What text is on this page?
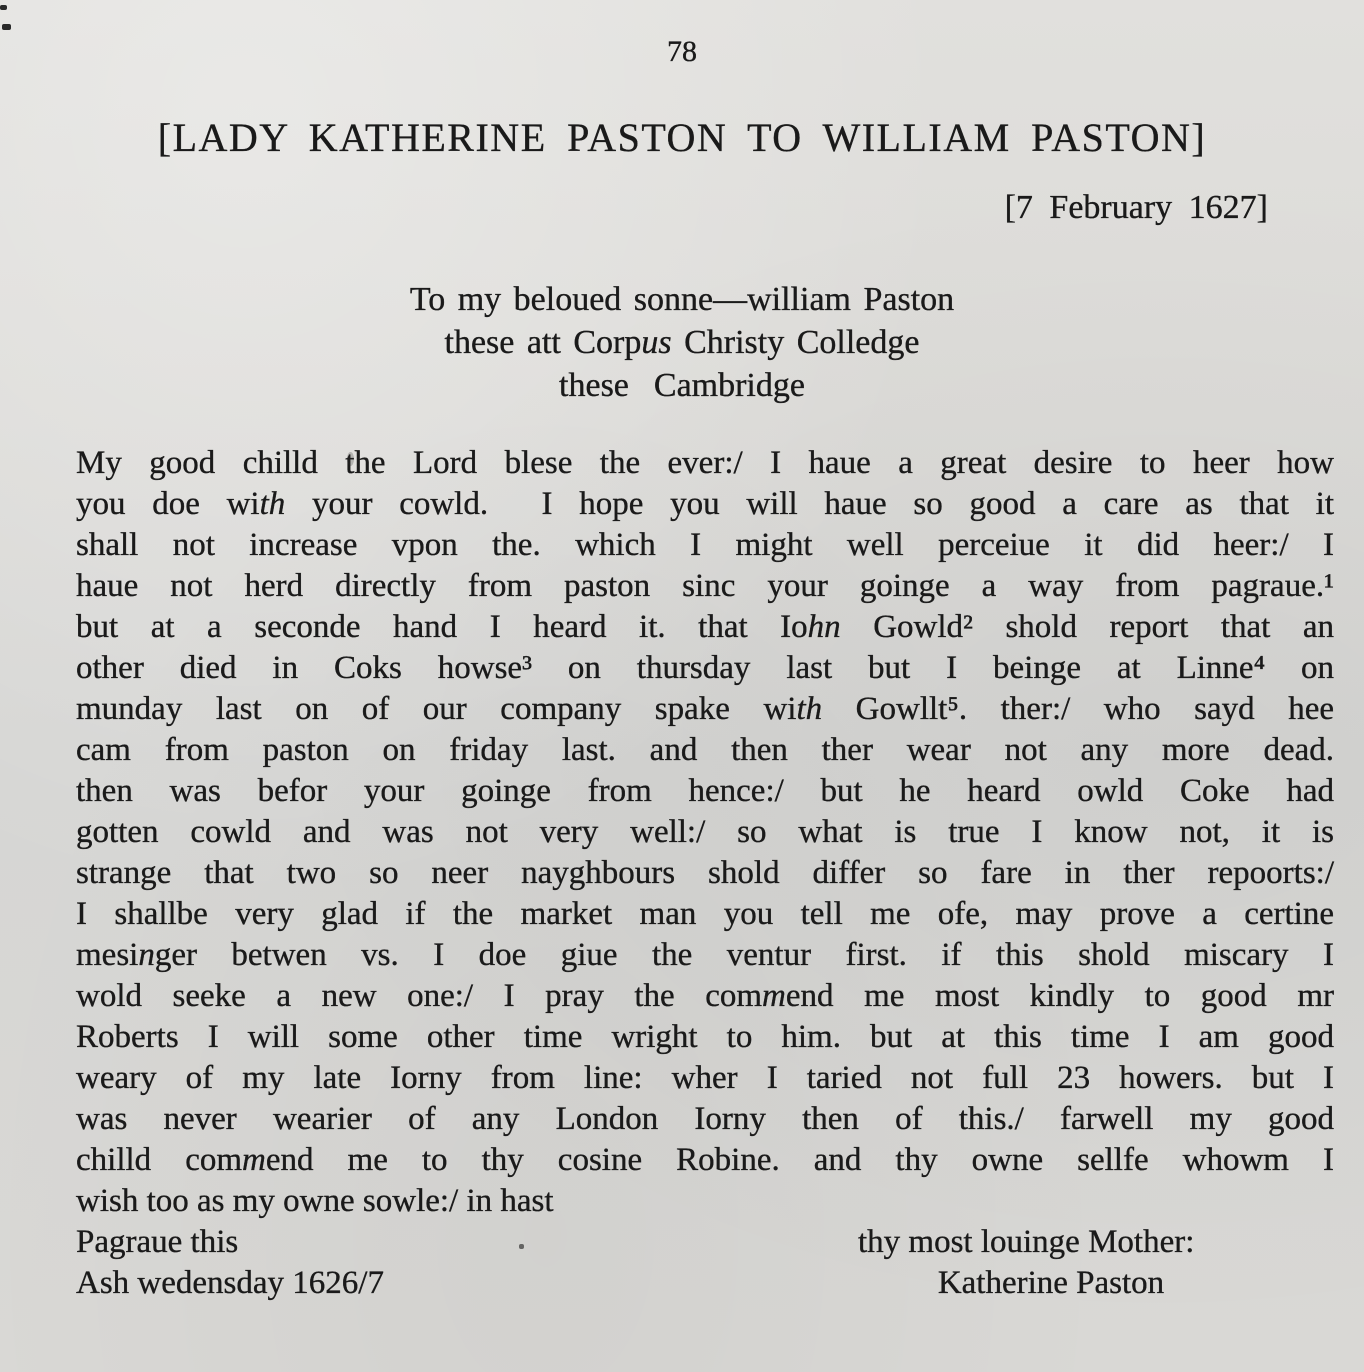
78
[LADY KATHERINE PASTON TO WILLIAM PASTON]
[7 February 1627]
To my beloued sonne—william Paston
these att Corpus Christy Colledge
these  Cambridge
My good chilld the Lord blese the ever:/ I haue a great desire to heer how
you doe with your cowld.  I hope you will haue so good a care as that it
shall not increase vpon the. which I might well perceiue it did heer:/ I
haue not herd directly from paston sinc your goinge a way from pagraue.¹
but at a seconde hand I heard it. that Iohn Gowld² shold report that an
other died in Coks howse³ on thursday last but I beinge at Linne⁴ on
munday last on of our company spake with Gowllt⁵. ther:/ who sayd hee
cam from paston on friday last. and then ther wear not any more dead.
then was befor your goinge from hence:/ but he heard owld Coke had
gotten cowld and was not very well:/ so what is true I know not, it is
strange that two so neer nayghbours shold differ so fare in ther repoorts:/
I shallbe very glad if the market man you tell me ofe, may prove a certine
mesinger betwen vs. I doe giue the ventur first. if this shold miscary I
wold seeke a new one:/ I pray the commend me most kindly to good mr
Roberts I will some other time wright to him. but at this time I am good
weary of my late Iorny from line: wher I taried not full 23 howers. but I
was never wearier of any London Iorny then of this./ farwell my good
chilld commend me to thy cosine Robine. and thy owne sellfe whowm I
wish too as my owne sowle:/ in hast
Pagraue this	thy most louinge Mother:
Ash wedensday 1626/7	Katherine Paston
